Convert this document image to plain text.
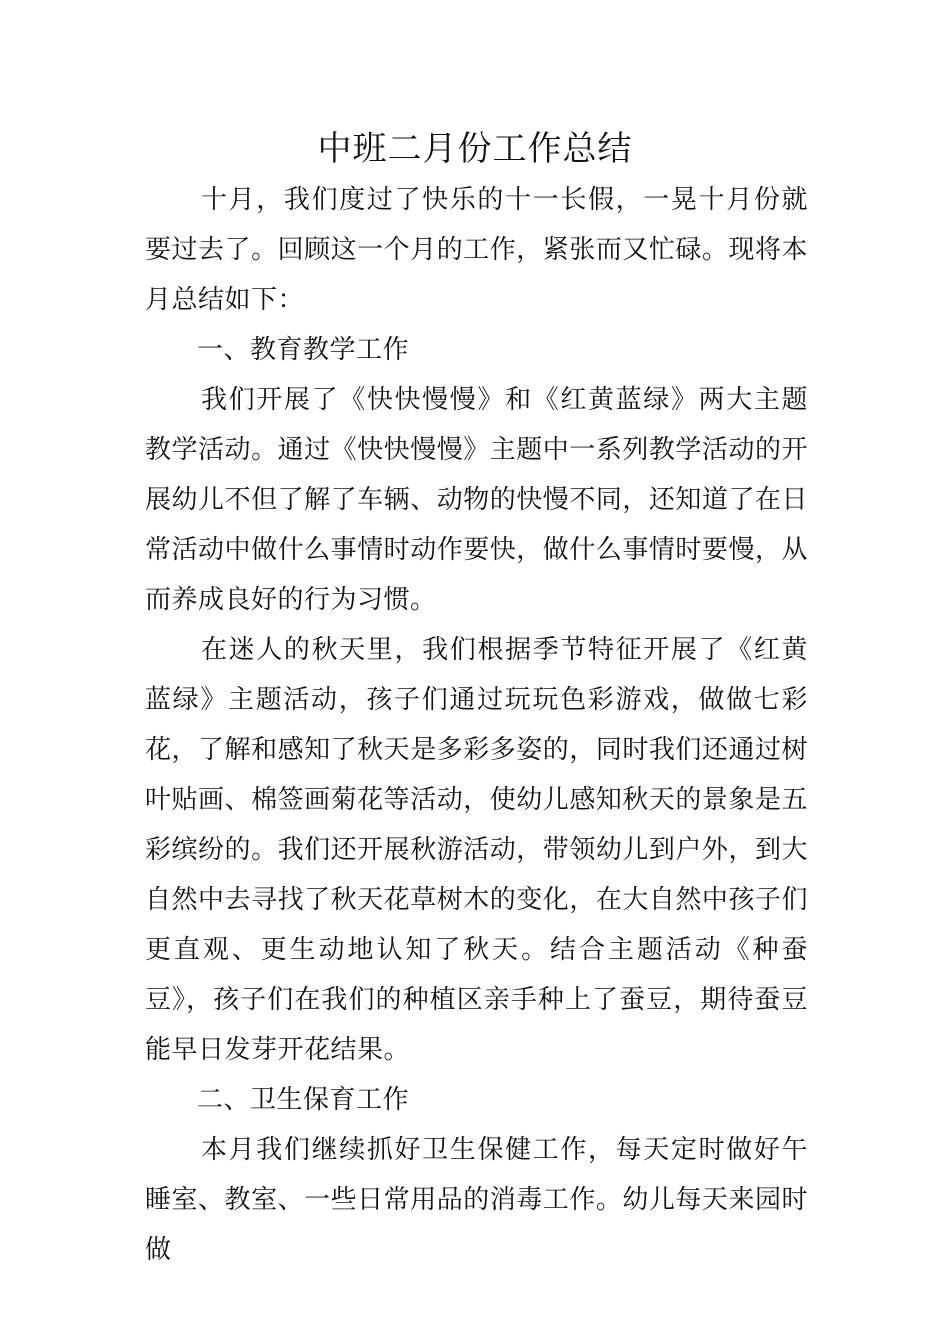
中班二月份工作总结

十月，我们度过了快乐的十一长假，一晃十月份就要过去了。回顾这一个月的工作，紧张而又忙碌。现将本月总结如下：

一、教育教学工作

我们开展了《快快慢慢》和《红黄蓝绿》两大主题教学活动。通过《快快慢慢》主题中一系列教学活动的开展幼儿不但了解了车辆、动物的快慢不同，还知道了在日常活动中做什么事情时动作要快，做什么事情时要慢，从而养成良好的行为习惯。

在迷人的秋天里，我们根据季节特征开展了《红黄蓝绿》主题活动，孩子们通过玩玩色彩游戏，做做七彩花，了解和感知了秋天是多彩多姿的，同时我们还通过树叶贴画、棉签画菊花等活动，使幼儿感知秋天的景象是五彩缤纷的。我们还开展秋游活动，带领幼儿到户外，到大自然中去寻找了秋天花草树木的变化，在大自然中孩子们更直观、更生动地认知了秋天。结合主题活动《种蚕豆》，孩子们在我们的种植区亲手种上了蚕豆，期待蚕豆能早日发芽开花结果。

二、卫生保育工作

本月我们继续抓好卫生保健工作，每天定时做好午睡室、教室、一些日常用品的消毒工作。幼儿每天来园时做
